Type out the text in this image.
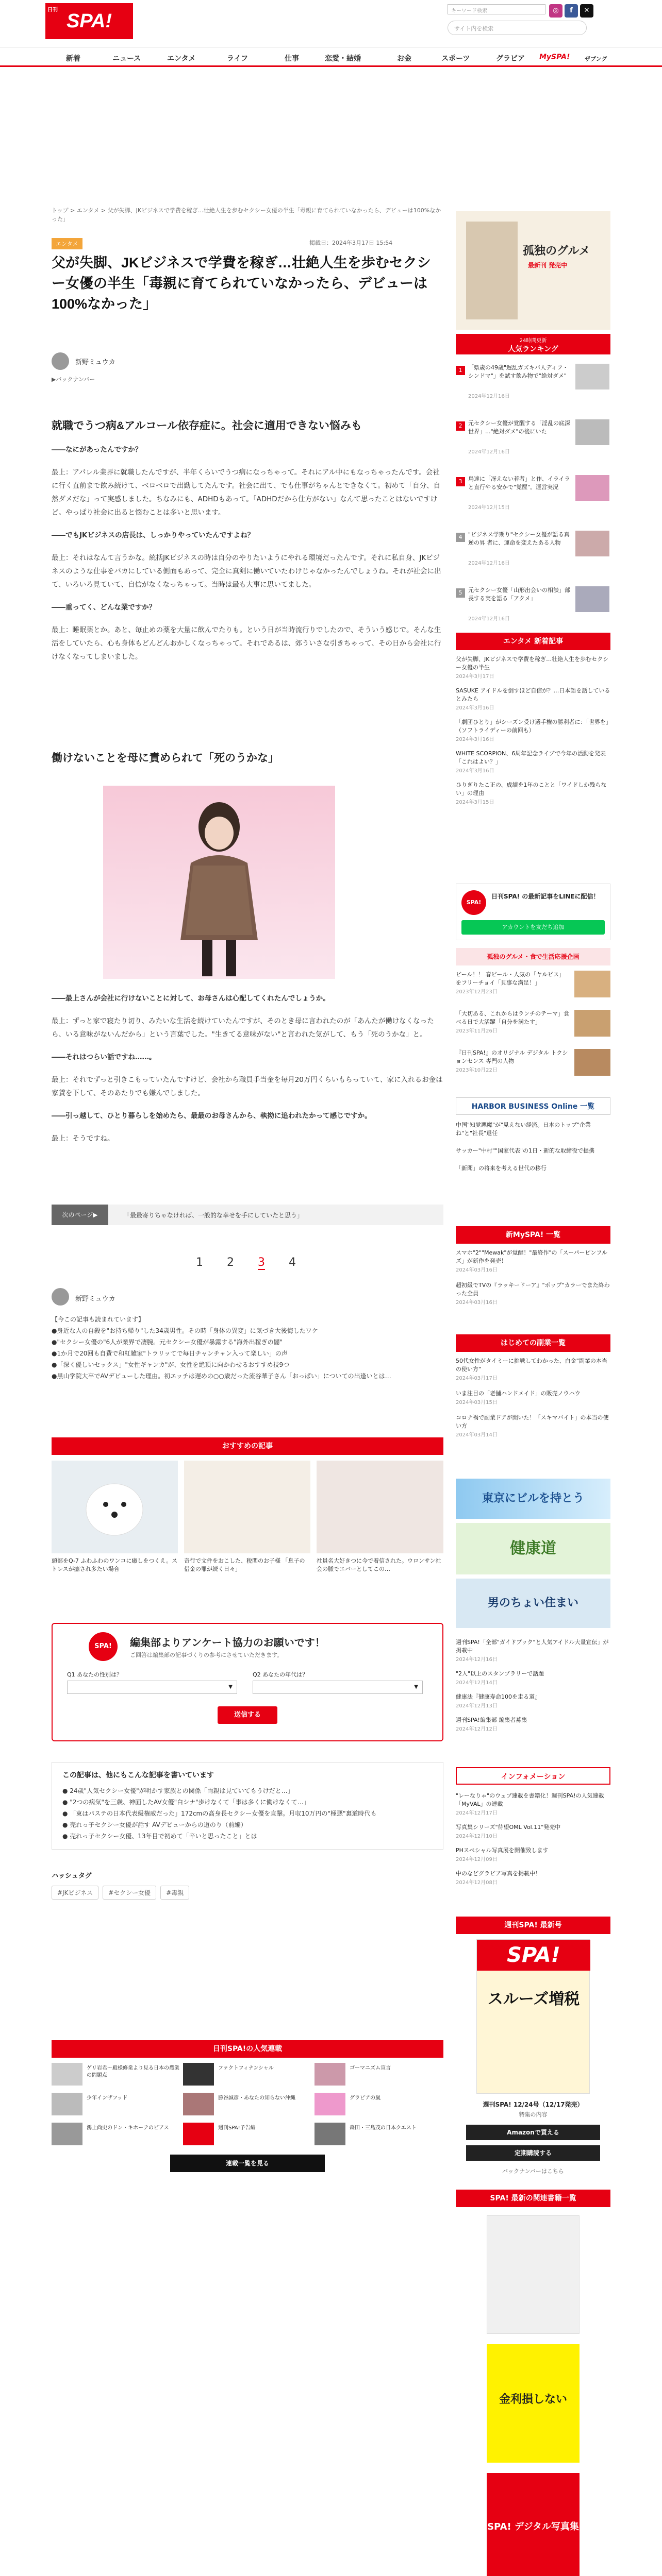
SPA!
日刊	キーワード検索	◎	f	✕
サイト内を検索
新着	ニュース	エンタメ	ライフ	仕事	恋愛・結婚	お金	スポーツ	グラビア MySPA!	ザブング
トップ > エンタメ > 父が失脚、JKビジネスで学費を稼ぎ…壮絶人生を歩むセクシー女優の半生「毒親に育てられていなかったら、デビューは100%なかった」
エンタメ	掲載日：2024年3月17日 15:54
父が失脚、JKビジネスで学費を稼ぎ…壮絶人生を歩むセクシー女優の半生「毒親に育てられていなかったら、デビューは100%なかった」
新野ミュウカ
▶バックナンバー
就職でうつ病&アルコール依存症に。社会に適用できない悩みも

――なにがあったんですか？

最上：アパレル業界に就職したんですが、半年くらいでうつ病になっちゃって。それにアル中にもなっちゃったんです。会社に行く直前まで飲み続けて、ベロベロで出勤してたんです。社会に出て、でも仕事がちゃんとできなくて。初めて「自分、自然ダメだな」って実感しました。ちなみにも、ADHDもあって。「ADHDだから仕方がない」なんて思ったことはないですけど。やっぱり社会に出ると悩むことは多いと思います。

――でもJKビジネスの店長は、しっかりやっていたんですよね？

最上：それはなんて言うかな。統括JKビジネスの時は自分のやりたいようにやれる環境だったんです。それに私自身、JKビジネスのような仕事をバカにしている側面もあって、完全に真剣に働いていたわけじゃなかったんでしょうね。それが社会に出て、いろいろ見ていて、自信がなくなっちゃって。当時は最も大事に思いてました。

――重ってく、どんな業ですか？

最上：睡眠薬とか。あと、毎止めの薬を大量に飲んでたりも。という日が当時流行りでしたので、そういう感じで。そんな生活をしていたら、心も身体もどんどんおかしくなっちゃって。それであるは、郊ういさな引きちゃって、その日から会社に行けなくなってしまいました。

働けないことを母に責められて「死のうかな」

――最上さんが会社に行けないことに対して、お母さんは心配してくれたんでしょうか。

最上：ずっと家で寝たり切り、みたいな生活を続けていたんですが、そのとき母に言われたのが「あんたが働けなくなったら、いる意味がないんだから」という言葉でした。"生きてる意味がない"と言われた気がして、もう「死のうかな」と。

――それはつらい話ですね……。

最上：それでずっと引きこもっていたんですけど、会社から職員手当金を毎月20万円くらいもらっていて、家に入れるお金は家賃を下して、そのあたりでも嫌んでしました。

――引っ越して、ひとり暮らしを始めたら、最最のお母さんから、執拗に追われたかって感じですか。

最上：そうですね。

次のページ▶	「最最寄りちゃなければ、一般的な幸せを手にしていたと思う」
1 2 3 4
新野ミュウカ
【今この記事も読まれています】
●身近な人の自殺を"お持ち帰り"した34歳男性。その時「身体の異変」に気づき大後悔したワケ
●"セクシー女優の"6人が業界で凄腕。元セクシー女優が暴露する"海外出稼ぎの闇"
●1か月で20回も自費で和紅雑家"トラリッてで毎日チャンチャン入って楽しい」の声
●「深く優しいセックス」"女性ギャンカ"が、女性を絶頂に向かわせるおすすめ技9つ
●黒山学院大卒でAVデビューした理由。初エッチは遅めの○○歳だった流谷華子さん「おっぱい」についての出逢いとは…
おすすめの記事
頭部をQ-7 ふわふわのワンコに癒しをつくえ。ストレスが癒され多たい場合
奇行で文件をおこした、税関のお子様 「息子の借金の罪が続く日々」
社員名大好きつに今で着信された。ウロンサン社会の脈でエバーとしてこの…
SPA!	編集部よりアンケート協力のお願いです！
ご回答は編集部の記事づくりの参考にさせていただきます。
Q1 あなたの性別は？	Q2 あなたの年代は？
▼	▼
送信する
この記事は、他にもこんな記事を書いています
● 24歳"人気セクシー女優"が明かす家族との関係「両親は見ていてもうけだと…」
● "2つの病気"を三歳、神面したAV女優"白シナ"歩けなくて「事は多くに働けなくて…」
● 「東はパステの日本代表級権威だった」172cmの高身長セクシー女優を直撃。月収10万円の"極悪"裏道時代も
● 売れっ子セクシー女優が話す AVデビューからの道のり（前編）
● 売れっ子セクシー女優、13年目で初めて「辛いと思ったこと」とは
ハッシュタグ
#JKビジネス	#セクシー女優	#毒親
日刊SPA!の人気連載
ゲリ岩君～殿様修業より見る日本の農業の問題点
ファクトフィナンシャル	ゴーマニズム宣言
少年インザフッド	勝谷誠彦・あなたの知らない沖縄	グラビアの嵐
鴻上尚史のドン・キホーテのピアス	週刊SPA!予告編	森田・三島茂の日本クエスト
連載一覧を見る
孤独のグルメ
最新刊 発売中
24時間更新
人気ランキング
1	「県歳の49歳"遅乱ガズキバ人ディフ・シンドマ"」を試す飲み物で"絶対ダメ"
2024年12月16日
2	元セクシー女優が覚醒する「淫乱の底深世界」..."絶対ダメ"の後にいた
2024年12月16日
3	鳥達に「冴えない若者」と作、イライラと直行やる安かで"覚醒"。運営実況
2024年12月15日
4	"ビジネス学期り"セクシー女優が語る真逆の昇 者に、運命を変えたある人物
2024年12月16日
5	元セクシー女優「山形出会いの相談」部長する実を語る「アクメ」
2024年12月16日
エンタメ 新着記事
父が失脚、JKビジネスで学費を稼ぎ…壮絶人生を歩むセクシー女優の半生
2024年3月17日
SASUKE アイドルを倒すほど自信が？…日本語を話しているとみたら
2024年3月16日
「劇団ひとり」がシーズン受け選手権の勝利者に：「世界を」（ソフトライディーの前回も）
2024年3月16日
WHITE SCORPION、6周年記念ライブで今年の活動を発表「これはよい？」
2024年3月16日
ひりぎりたこ正の、成績を1年のことと「ワイドしか残らない」の理由
2024年3月15日
SPA!
日刊SPA! の最新記事をLINEに配信！
アカウントを友だち追加
孤独のグルメ・食で生活応援企画
ビール！！ 春ビール・人気の「ヤルビス」をフリーチョイ「見事な満足！」
2023年12月23日
「大切ある、これからはランチのテーマ」食べる日で大活躍「自分を満たす」
2023年11月26日
『日刊SPA!』のオリジナル デジタル トクションセンス 専門の人物
2023年10月22日
HARBOR BUSINESS Online 一覧
中国"知覚悪魔"が"見えない経済。日本のトップ"企業ね"と"社長"退任
サッカー"中村""国家代表"の1日・新的な取締役で提携
「新聞」の将来を考える世代の移行
新MySPA! 一覧
スマホ"2""Mewak"が覚醒！"最終作"の「スーパーピンフルズ」が新作を発売！
2024年03月16日
超初級でTVの『ラッキードーア』"ポップ"カラーでまた終わった全員
2024年03月16日
はじめての副業一覧
50代女性がタイミーに挑戦してわかった、白金"副業の本当の使い方"
2024年03月17日
いま注目の「老舗ハンドメイド」の販売ノウハウ
2024年03月15日
コロナ禍で副業ドアが開いた！「スキマバイト」の本当の使い方
2024年03月14日
東京にビルを持とう
健康道
男のちょい住まい
週刊SPA!「全部"ガイドブック"と人気アイドル大量宣伝」が掲載中
2024年12月16日
"2人"以上のスタンプラリーで話題
2024年12月14日
健康法『健康寿命100を走る道』
2024年12月13日
週刊SPA!編集部 編集者募集
2024年12月12日
インフォメーション
"レーなりゃ"のウェブ連載を書籍化！週刊SPA!の人気連載「MyVAL」の連載
2024年12月17日
写真集シリーズ"待望OML Vol.11"発売中
2024年12月10日
PHスペシャル写真展を開催致します
2024年12月09日
中のなどグラビア写真を掲載中！
2024年12月08日
週刊SPA! 最新号
SPA!
スルーズ増税
週刊SPA! 12/24号（12/17発売）
特集の内容
Amazonで買える
定期購読する
バックナンバーはこちら
SPA! 最新の関連書籍一覧
金利損しない
SPA! デジタル写真集
